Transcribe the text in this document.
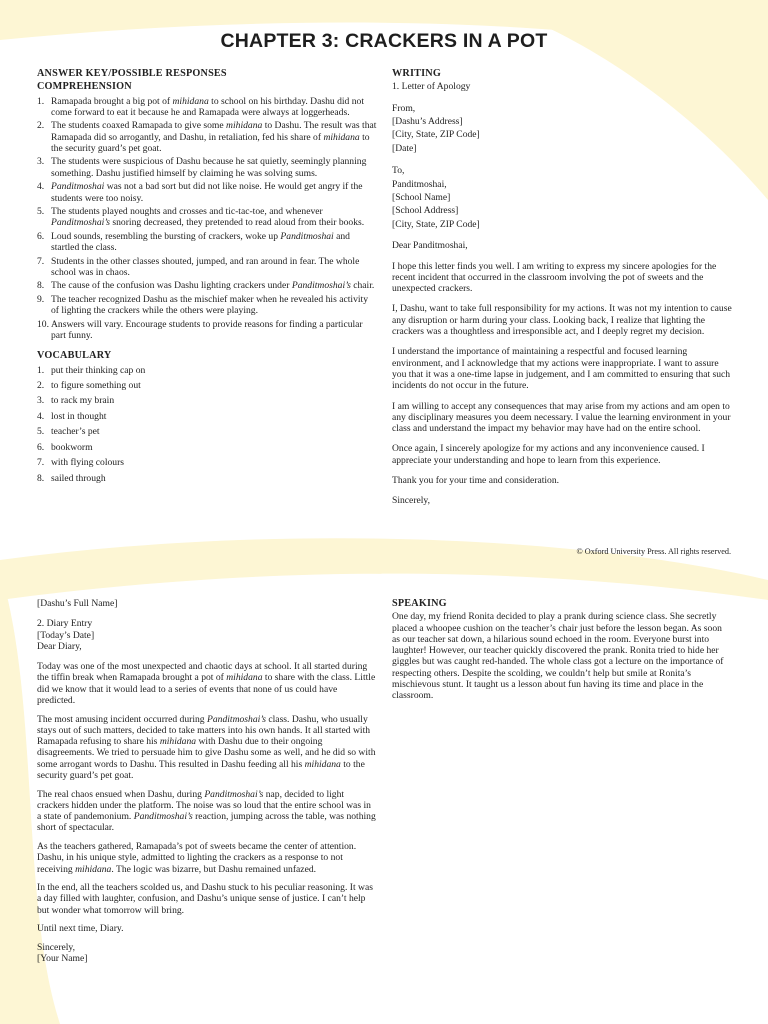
CHAPTER 3: CRACKERS IN A POT

ANSWER KEY/POSSIBLE RESPONSES

COMPREHENSION

1. Ramapada brought a big pot of mihidana to school on his birthday. Dashu did not come forward to eat it because he and Ramapada were always at loggerheads.
2. The students coaxed Ramapada to give some mihidana to Dashu. The result was that Ramapada did so arrogantly, and Dashu, in retaliation, fed his share of mihidana to the security guard’s pet goat.
3. The students were suspicious of Dashu because he sat quietly, seemingly planning something. Dashu justified himself by claiming he was solving sums.
4. Panditmoshai was not a bad sort but did not like noise. He would get angry if the students were too noisy.
5. The students played noughts and crosses and tic-tac-toe, and whenever Panditmoshai’s snoring decreased, they pretended to read aloud from their books.
6. Loud sounds, resembling the bursting of crackers, woke up Panditmoshai and startled the class.
7. Students in the other classes shouted, jumped, and ran around in fear. The whole school was in chaos.
8. The cause of the confusion was Dashu lighting crackers under Panditmoshai’s chair.
9. The teacher recognized Dashu as the mischief maker when he revealed his activity of lighting the crackers while the others were playing.
10. Answers will vary. Encourage students to provide reasons for finding a particular part funny.

VOCABULARY

1. put their thinking cap on
2. to figure something out
3. to rack my brain
4. lost in thought
5. teacher’s pet
6. bookworm
7. with flying colours
8. sailed through

WRITING

1. Letter of Apology

From,
[Dashu’s Address]
[City, State, ZIP Code]
[Date]
To,
Panditmoshai,
[School Name]
[School Address]
[City, State, ZIP Code]

Dear Panditmoshai,

I hope this letter finds you well. I am writing to express my sincere apologies for the recent incident that occurred in the classroom involving the pot of sweets and the unexpected crackers.

I, Dashu, want to take full responsibility for my actions. It was not my intention to cause any disruption or harm during your class. Looking back, I realize that lighting the crackers was a thoughtless and irresponsible act, and I deeply regret my decision.

I understand the importance of maintaining a respectful and focused learning environment, and I acknowledge that my actions were inappropriate. I want to assure you that it was a one-time lapse in judgement, and I am committed to ensuring that such incidents do not occur in the future.

I am willing to accept any consequences that may arise from my actions and am open to any disciplinary measures you deem necessary. I value the learning environment in your class and understand the impact my behavior may have had on the entire school.

Once again, I sincerely apologize for my actions and any inconvenience caused. I appreciate your understanding and hope to learn from this experience.

Thank you for your time and consideration.

Sincerely,

© Oxford University Press. All rights reserved.

[Dashu’s Full Name]

2. Diary Entry

[Today’s Date]

Dear Diary,

Today was one of the most unexpected and chaotic days at school. It all started during the tiffin break when Ramapada brought a pot of mihidana to share with the class. Little did we know that it would lead to a series of events that none of us could have predicted.

The most amusing incident occurred during Panditmoshai’s class. Dashu, who usually stays out of such matters, decided to take matters into his own hands. It all started with Ramapada refusing to share his mihidana with Dashu due to their ongoing disagreements. We tried to persuade him to give Dashu some as well, and he did so with some arrogant words to Dashu. This resulted in Dashu feeding all his mihidana to the security guard’s pet goat.

The real chaos ensued when Dashu, during Panditmoshai’s nap, decided to light crackers hidden under the platform. The noise was so loud that the entire school was in a state of pandemonium. Panditmoshai’s reaction, jumping across the table, was nothing short of spectacular.

As the teachers gathered, Ramapada’s pot of sweets became the center of attention. Dashu, in his unique style, admitted to lighting the crackers as a response to not receiving mihidana. The logic was bizarre, but Dashu remained unfazed.

In the end, all the teachers scolded us, and Dashu stuck to his peculiar reasoning. It was a day filled with laughter, confusion, and Dashu’s unique sense of justice. I can’t help but wonder what tomorrow will bring.

Until next time, Diary.

Sincerely,

[Your Name]

SPEAKING

One day, my friend Ronita decided to play a prank during science class. She secretly placed a whoopee cushion on the teacher’s chair just before the lesson began. As soon as our teacher sat down, a hilarious sound echoed in the room. Everyone burst into laughter! However, our teacher quickly discovered the prank. Ronita tried to hide her giggles but was caught red-handed. The whole class got a lecture on the importance of respecting others. Despite the scolding, we couldn’t help but smile at Ronita’s mischievous stunt. It taught us a lesson about fun having its time and place in the classroom.
